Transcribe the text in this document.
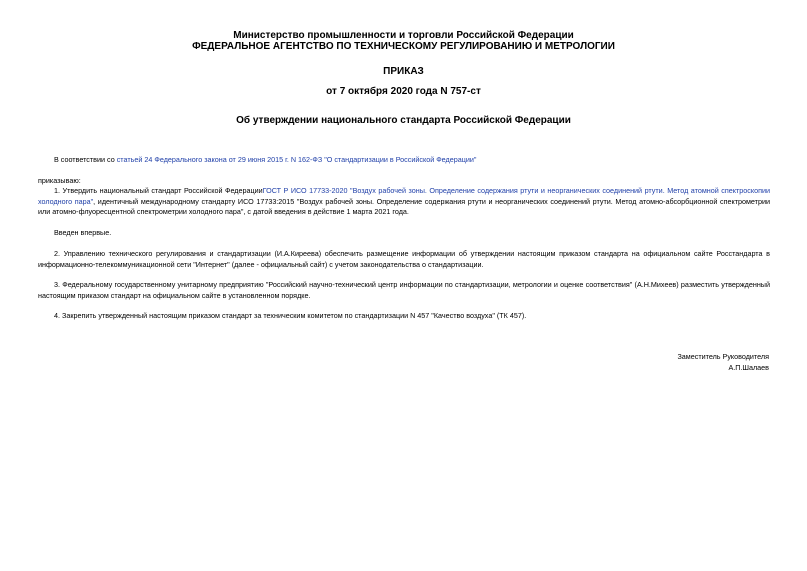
Министерство промышленности и торговли Российской Федерации
ФЕДЕРАЛЬНОЕ АГЕНТСТВО ПО ТЕХНИЧЕСКОМУ РЕГУЛИРОВАНИЮ И МЕТРОЛОГИИ
ПРИКАЗ
от 7 октября 2020 года N 757-ст
Об утверждении национального стандарта Российской Федерации
В соответствии со статьей 24 Федерального закона от 29 июня 2015 г. N 162-ФЗ "О стандартизации в Российской Федерации"
приказываю:
1. Утвердить национальный стандарт Российской ФедерацииГОСТ Р ИСО 17733-2020 "Воздух рабочей зоны. Определение содержания ртути и неорганических соединений ртути. Метод атомной спектроскопии холодного пара", идентичный международному стандарту ИСО 17733:2015 "Воздух рабочей зоны. Определение содержания ртути и неорганических соединений ртути. Метод атомно-абсорбционной спектрометрии или атомно-флуоресцентной спектрометрии холодного пара", с датой введения в действие 1 марта 2021 года.
Введен впервые.
2. Управлению технического регулирования и стандартизации (И.А.Киреева) обеспечить размещение информации об утверждении настоящим приказом стандарта на официальном сайте Росстандарта в информационно-телекоммуникационной сети "Интернет" (далее - официальный сайт) с учетом законодательства о стандартизации.
3. Федеральному государственному унитарному предприятию "Российский научно-технический центр информации по стандартизации, метрологии и оценке соответствия" (А.Н.Михеев) разместить утвержденный настоящим приказом стандарт на официальном сайте в установленном порядке.
4. Закрепить утвержденный настоящим приказом стандарт за техническим комитетом по стандартизации N 457 "Качество воздуха" (ТК 457).
Заместитель Руководителя
А.П.Шалаев
